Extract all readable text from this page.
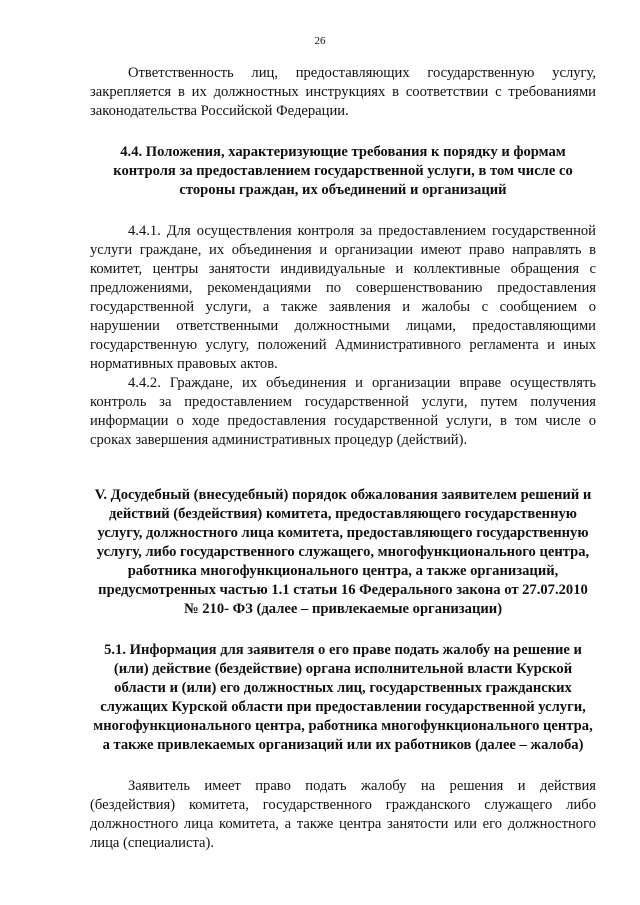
26

Ответственность лиц, предоставляющих государственную услугу, закрепляется в их должностных инструкциях в соответствии с требованиями законодательства Российской Федерации.

4.4. Положения, характеризующие требования к порядку и формам контроля за предоставлением государственной услуги, в том числе со стороны граждан, их объединений и организаций

4.4.1. Для осуществления контроля за предоставлением государственной услуги граждане, их объединения и организации имеют право направлять в комитет, центры занятости индивидуальные и коллективные обращения с предложениями, рекомендациями по совершенствованию предоставления государственной услуги, а также заявления и жалобы с сообщением о нарушении ответственными должностными лицами, предоставляющими государственную услугу, положений Административного регламента и иных нормативных правовых актов.

4.4.2. Граждане, их объединения и организации вправе осуществлять контроль за предоставлением государственной услуги, путем получения информации о ходе предоставления государственной услуги, в том числе о сроках завершения административных процедур (действий).

V. Досудебный (внесудебный) порядок обжалования заявителем решений и действий (бездействия) комитета, предоставляющего государственную услугу, должностного лица комитета, предоставляющего государственную услугу, либо государственного служащего, многофункционального центра, работника многофункционального центра, а также организаций, предусмотренных частью 1.1 статьи 16 Федерального закона от 27.07.2010 № 210- ФЗ (далее – привлекаемые организации)

5.1. Информация для заявителя о его праве подать жалобу на решение и (или) действие (бездействие) органа исполнительной власти Курской области и (или) его должностных лиц, государственных гражданских служащих Курской области при предоставлении государственной услуги, многофункционального центра, работника многофункционального центра, а также привлекаемых организаций или их работников (далее – жалоба)

Заявитель имеет право подать жалобу на решения и действия (бездействия) комитета, государственного гражданского служащего либо должностного лица комитета, а также центра занятости или его должностного лица (специалиста).
